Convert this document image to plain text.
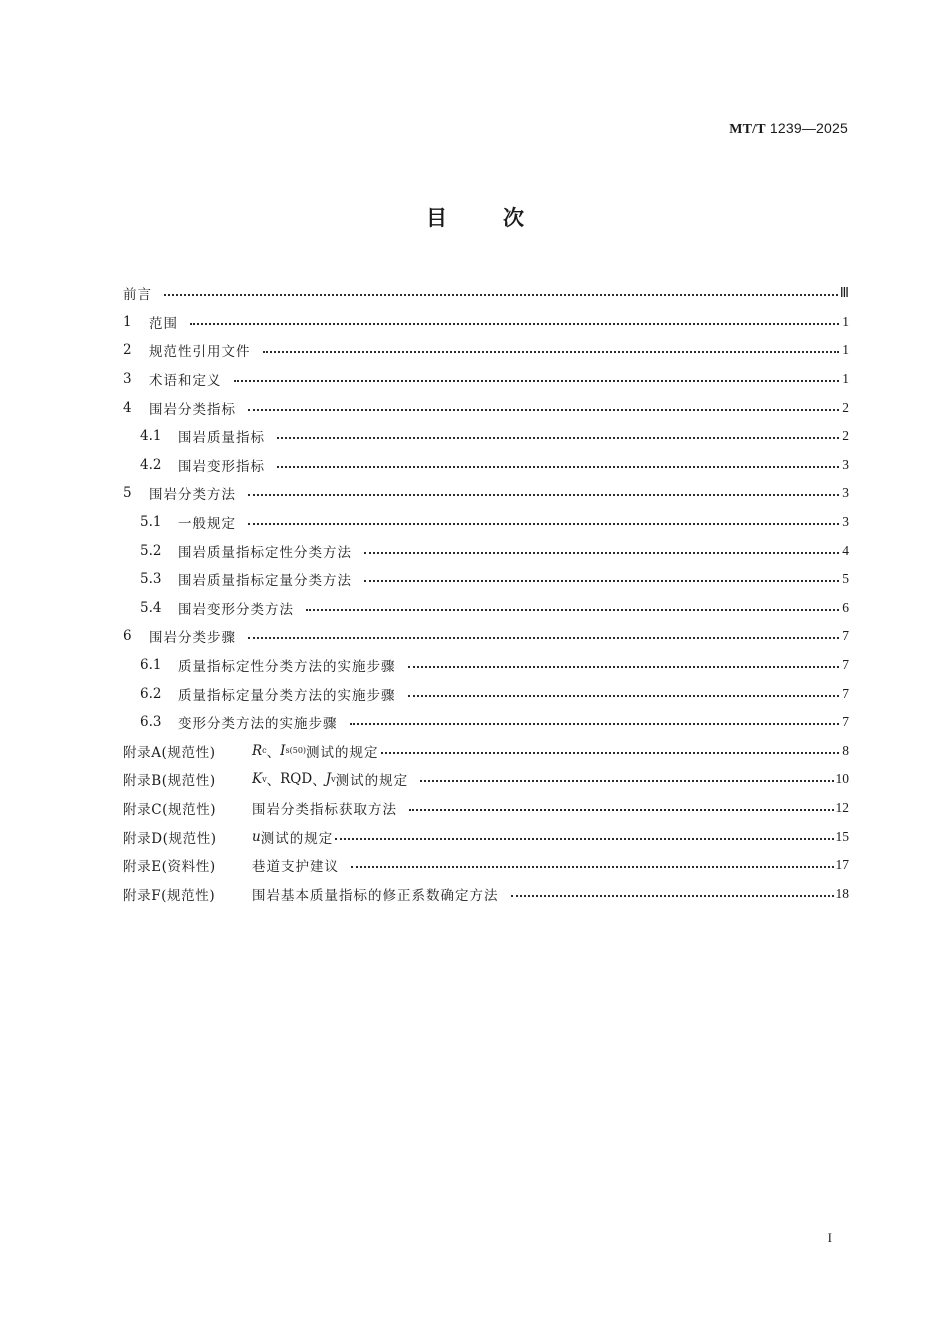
MT/T 1239—2025
目次
前言	Ⅲ
1	范围	1
2	规范性引用文件	1
3	术语和定义	1
4	围岩分类指标	2
4.1	围岩质量指标	2
4.2	围岩变形指标	3
5	围岩分类方法	3
5.1	一般规定	3
5.2	围岩质量指标定性分类方法	4
5.3	围岩质量指标定量分类方法	5
5.4	围岩变形分类方法	6
6	围岩分类步骤	7
6.1	质量指标定性分类方法的实施步骤	7
6.2	质量指标定量分类方法的实施步骤	7
6.3	变形分类方法的实施步骤	7
附录A(规范性)	R c 、 I s(50) 测试的规定	8
附录B(规范性)	K v 、 RQD 、 J v 测试的规定	10
附录C(规范性)	围岩分类指标获取方法	12
附录D(规范性)	u 测试的规定	15
附录E(资料性)	巷道支护建议	17
附录F(规范性)	围岩基本质量指标的修正系数确定方法	18
I
